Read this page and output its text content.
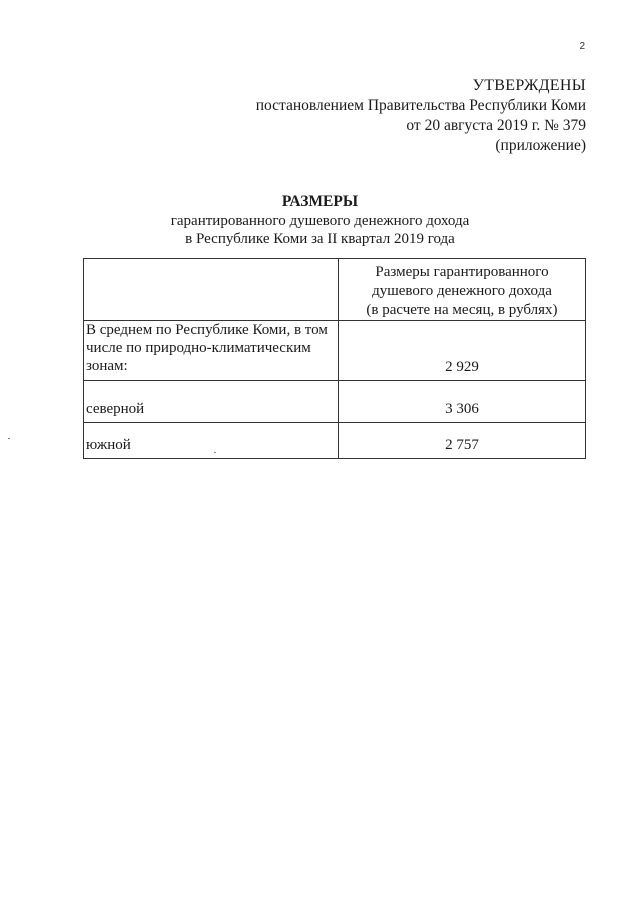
2
УТВЕРЖДЕНЫ
постановлением Правительства Республики Коми
от 20 августа 2019 г. № 379
(приложение)
РАЗМЕРЫ
гарантированного душевого денежного дохода
в Республике Коми за II квартал 2019 года

	Размеры гарантированного
душевого денежного дохода
(в расчете на месяц, в рублях)

В среднем по Республике Коми, в том
числе по природно-климатическим
зонам:	2 929
северной	3 306
южной	2 757
